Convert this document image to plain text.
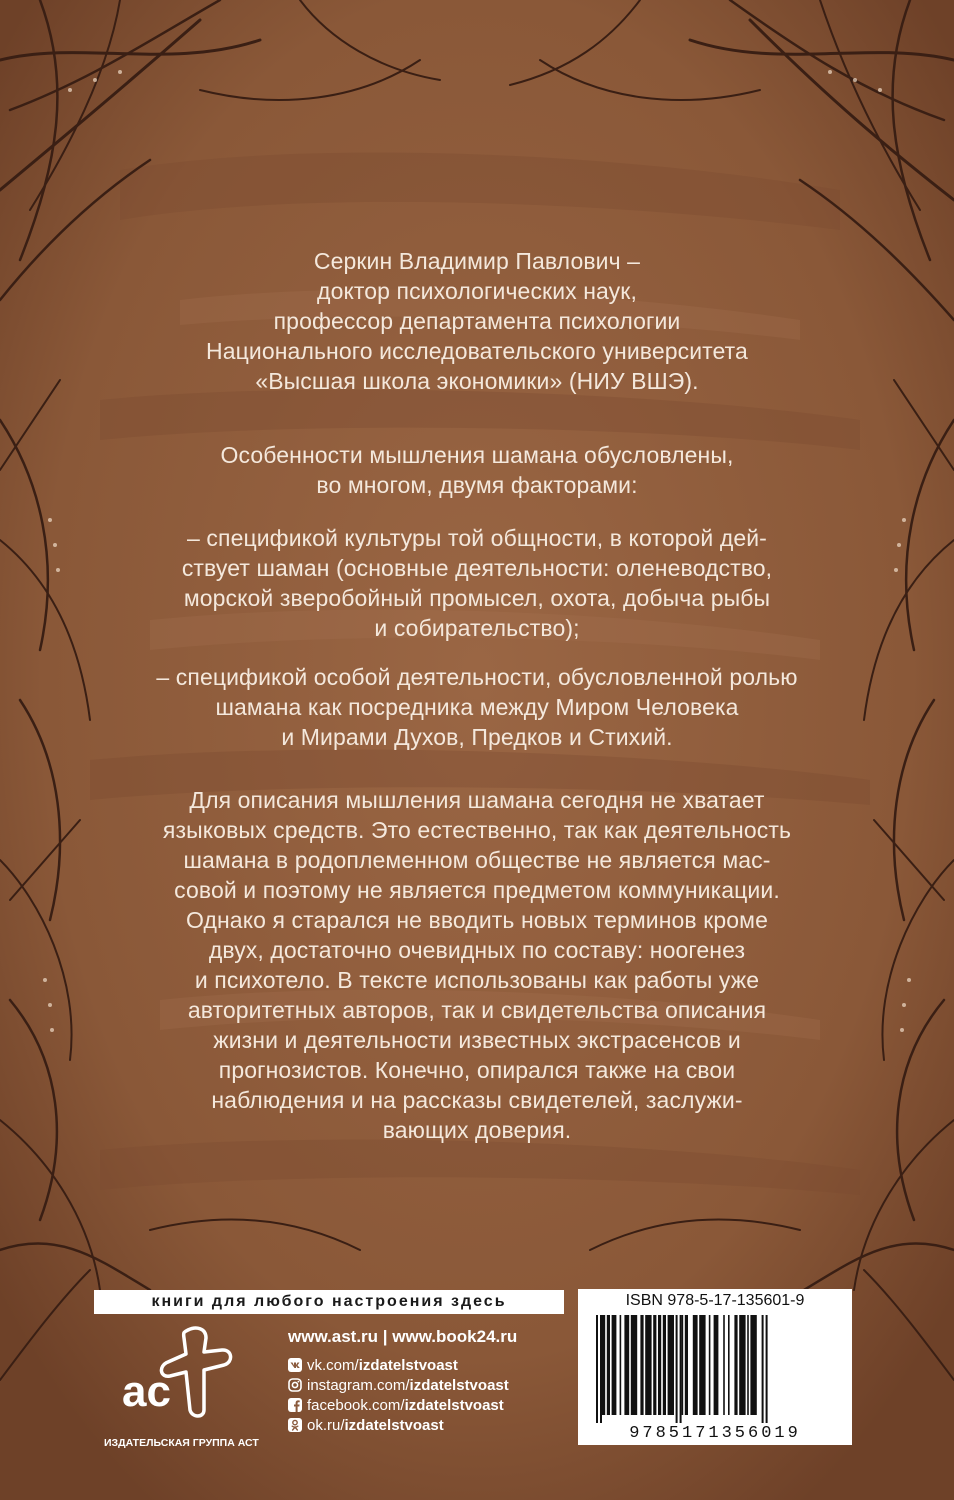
Серкин Владимир Павлович –
доктор психологических наук,
профессор департамента психологии
Национального исследовательского университета
«Высшая школа экономики» (НИУ ВШЭ).
Особенности мышления шамана обусловлены,
во многом, двумя факторами:
– спецификой культуры той общности, в которой дей-
ствует шаман (основные деятельности: оленеводство,
морской зверобойный промысел, охота, добыча рыбы
и собирательство);
– спецификой особой деятельности, обусловленной ролью
шамана как посредника между Миром Человека
и Мирами Духов, Предков и Стихий.
Для описания мышления шамана сегодня не хватает
языковых средств. Это естественно, так как деятельность
шамана в родоплеменном обществе не является мас-
совой и поэтому не является предметом коммуникации.
Однако я старался не вводить новых терминов кроме
двух, достаточно очевидных по составу: ноогенез
и психотело. В тексте использованы как работы уже
авторитетных авторов, так и свидетельства описания
жизни и деятельности известных экстрасенсов и
прогнозистов. Конечно, опирался также на свои
наблюдения и на рассказы свидетелей, заслужи-
вающих доверия.
книги для любого настроения здесь
ac
ИЗДАТЕЛЬСКАЯ ГРУППА АСТ
www.ast.ru | www.book24.ru
vk.com/izdatelstvoast
instagram.com/izdatelstvoast
facebook.com/izdatelstvoast
ok.ru/izdatelstvoast
ISBN 978-5-17-135601-9
9785171356019
